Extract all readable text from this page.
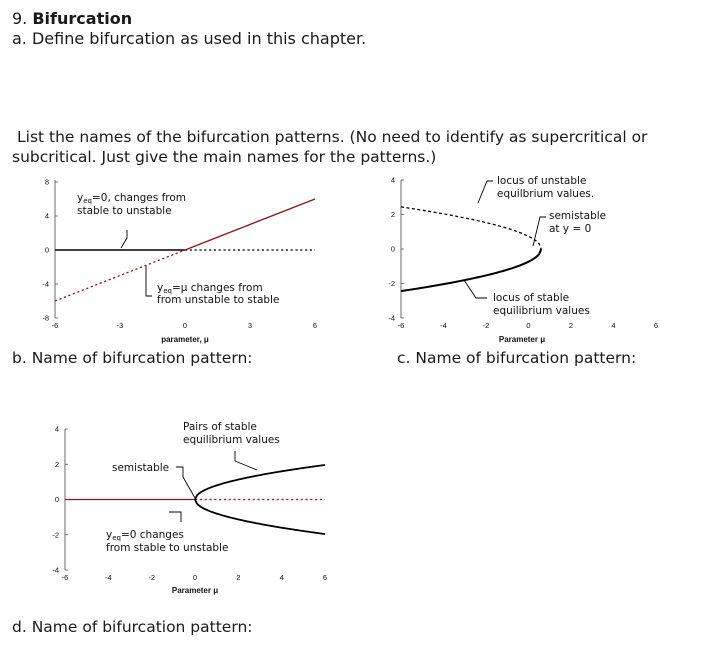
9. Bifurcation
a. Define bifurcation as used in this chapter.
List the names of the bifurcation patterns. (No need to identify as supercritical or
subcritical. Just give the main names for the patterns.)
8
4
0
-4
-8
-6	-3	0	3	6
parameter, μ
yeq=0, changes from
stable to unstable
yeq=μ changes from
from unstable to stable
b. Name of bifurcation pattern:
4
2
0
-2
-4
-6	-4	-2	0	2	4	6
Parameter μ
locus of unstable
equilbrium values.
semistable
at y = 0
locus of stable
equilibrium values
c. Name of bifurcation pattern:
4
2
0
-2
-4
-6	-4	-2	0	2	4	6
Parameter μ
Pairs of stable
equilibrium values
semistable
yeq=0 changes
from stable to unstable
d. Name of bifurcation pattern:
